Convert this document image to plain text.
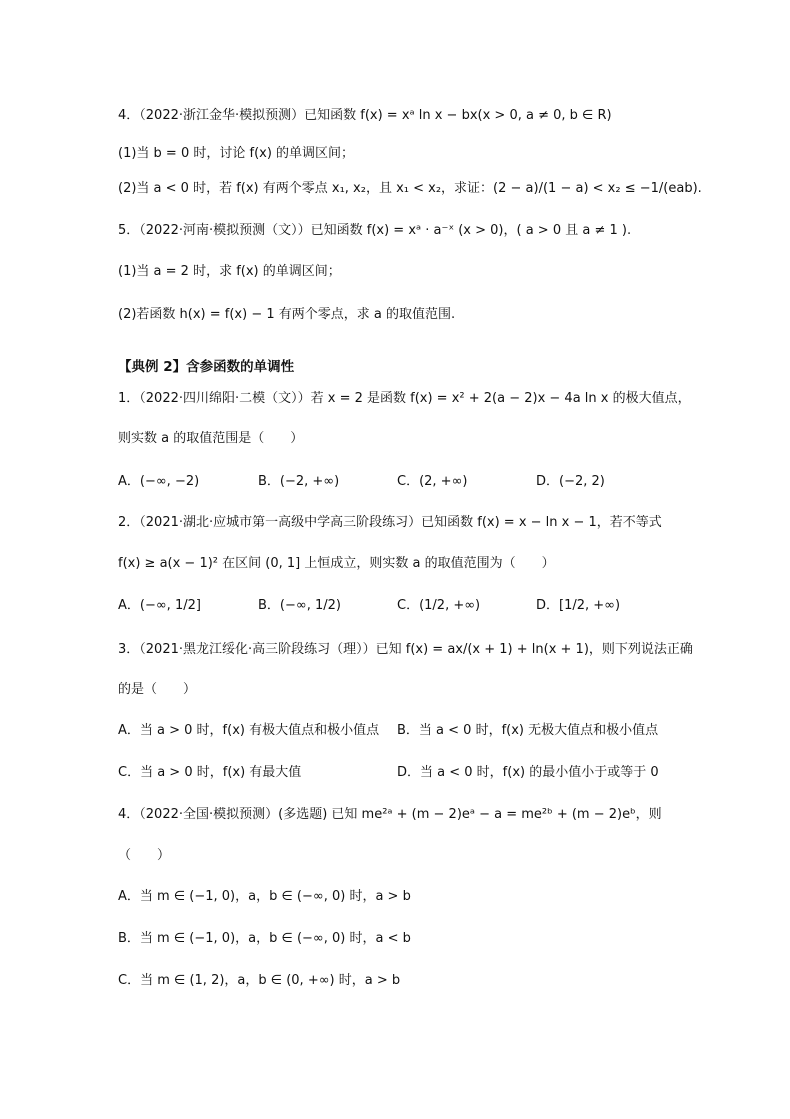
4．（2022·浙江金华·模拟预测）已知函数 f(x) = xᵃ ln x − bx(x > 0, a ≠ 0, b ∈ R)
(1)当 b = 0 时，讨论 f(x) 的单调区间；
(2)当 a < 0 时，若 f(x) 有两个零点 x₁, x₂，且 x₁ < x₂，求证：(2 − a)/(1 − a) < x₂ ≤ −1/(eab).
5．（2022·河南·模拟预测（文））已知函数 f(x) = xᵃ · a⁻ˣ (x > 0)，( a > 0 且 a ≠ 1 ).
(1)当 a = 2 时，求 f(x) 的单调区间；
(2)若函数 h(x) = f(x) − 1 有两个零点，求 a 的取值范围.
【典例 2】含参函数的单调性
1．（2022·四川绵阳·二模（文））若 x = 2 是函数 f(x) = x² + 2(a − 2)x − 4a ln x 的极大值点，
则实数 a 的取值范围是（　　）
A．(−∞, −2)	B．(−2, +∞)	C．(2, +∞)	D．(−2, 2)
2．（2021·湖北·应城市第一高级中学高三阶段练习）已知函数 f(x) = x − ln x − 1，若不等式
f(x) ≥ a(x − 1)² 在区间 (0, 1] 上恒成立，则实数 a 的取值范围为（　　）
A．(−∞, 1/2]	B．(−∞, 1/2)	C．(1/2, +∞)	D．[1/2, +∞)
3．（2021·黑龙江绥化·高三阶段练习（理））已知 f(x) = ax/(x + 1) + ln(x + 1)，则下列说法正确
的是（　　）
A．当 a > 0 时，f(x) 有极大值点和极小值点 B．当 a < 0 时，f(x) 无极大值点和极小值点
C．当 a > 0 时，f(x) 有最大值	D．当 a < 0 时，f(x) 的最小值小于或等于 0
4．（2022·全国·模拟预测）(多选题) 已知 me²ᵃ + (m − 2)eᵃ − a = me²ᵇ + (m − 2)eᵇ，则
（　　）
A．当 m ∈ (−1, 0)，a，b ∈ (−∞, 0) 时，a > b
B．当 m ∈ (−1, 0)，a，b ∈ (−∞, 0) 时，a < b
C．当 m ∈ (1, 2)，a，b ∈ (0, +∞) 时，a > b
